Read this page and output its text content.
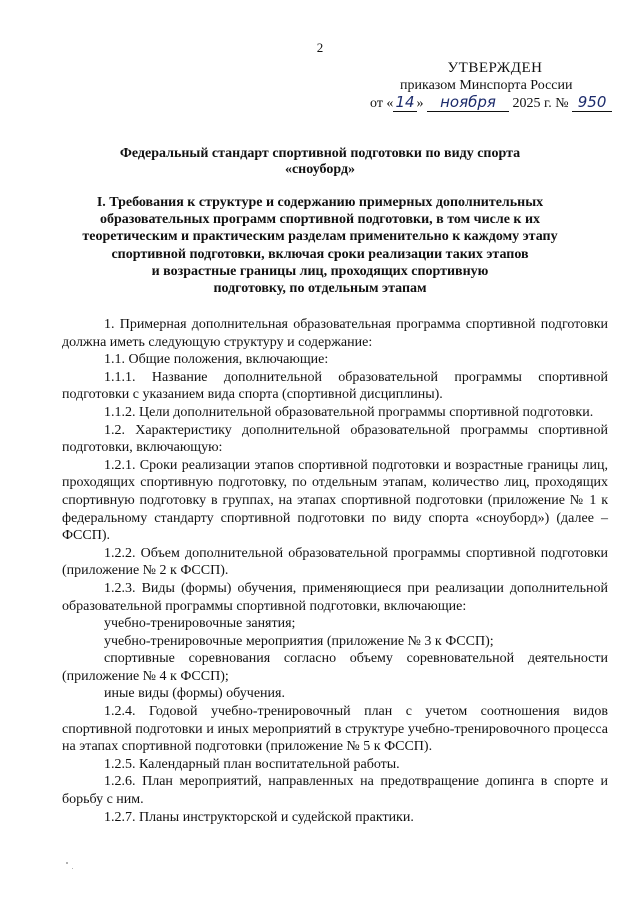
2
УТВЕРЖДЕН
приказом Минспорта России
от « 14 » ноября 2025 г. № 950
Федеральный стандарт спортивной подготовки по виду спорта
«сноуборд»
I. Требования к структуре и содержанию примерных дополнительных
образовательных программ спортивной подготовки, в том числе к их
теоретическим и практическим разделам применительно к каждому этапу
спортивной подготовки, включая сроки реализации таких этапов
и возрастные границы лиц, проходящих спортивную
подготовку, по отдельным этапам

1. Примерная дополнительная образовательная программа спортивной подготовки должна иметь следующую структуру и содержание:

1.1. Общие положения, включающие:

1.1.1. Название дополнительной образовательной программы спортивной подготовки с указанием вида спорта (спортивной дисциплины).

1.1.2. Цели дополнительной образовательной программы спортивной подготовки.

1.2. Характеристику дополнительной образовательной программы спортивной подготовки, включающую:

1.2.1. Сроки реализации этапов спортивной подготовки и возрастные границы лиц, проходящих спортивную подготовку, по отдельным этапам, количество лиц, проходящих спортивную подготовку в группах, на этапах спортивной подготовки (приложение № 1 к федеральному стандарту спортивной подготовки по виду спорта «сноуборд») (далее – ФССП).

1.2.2. Объем дополнительной образовательной программы спортивной подготовки (приложение № 2 к ФССП).

1.2.3. Виды (формы) обучения, применяющиеся при реализации дополнительной образовательной программы спортивной подготовки, включающие:

учебно-тренировочные занятия;

учебно-тренировочные мероприятия (приложение № 3 к ФССП);

спортивные соревнования согласно объему соревновательной деятельности (приложение № 4 к ФССП);

иные виды (формы) обучения.

1.2.4. Годовой учебно-тренировочный план с учетом соотношения видов спортивной подготовки и иных мероприятий в структуре учебно-тренировочного процесса на этапах спортивной подготовки (приложение № 5 к ФССП).

1.2.5. Календарный план воспитательной работы.

1.2.6. План мероприятий, направленных на предотвращение допинга в спорте и борьбу с ним.

1.2.7. Планы инструкторской и судейской практики.
